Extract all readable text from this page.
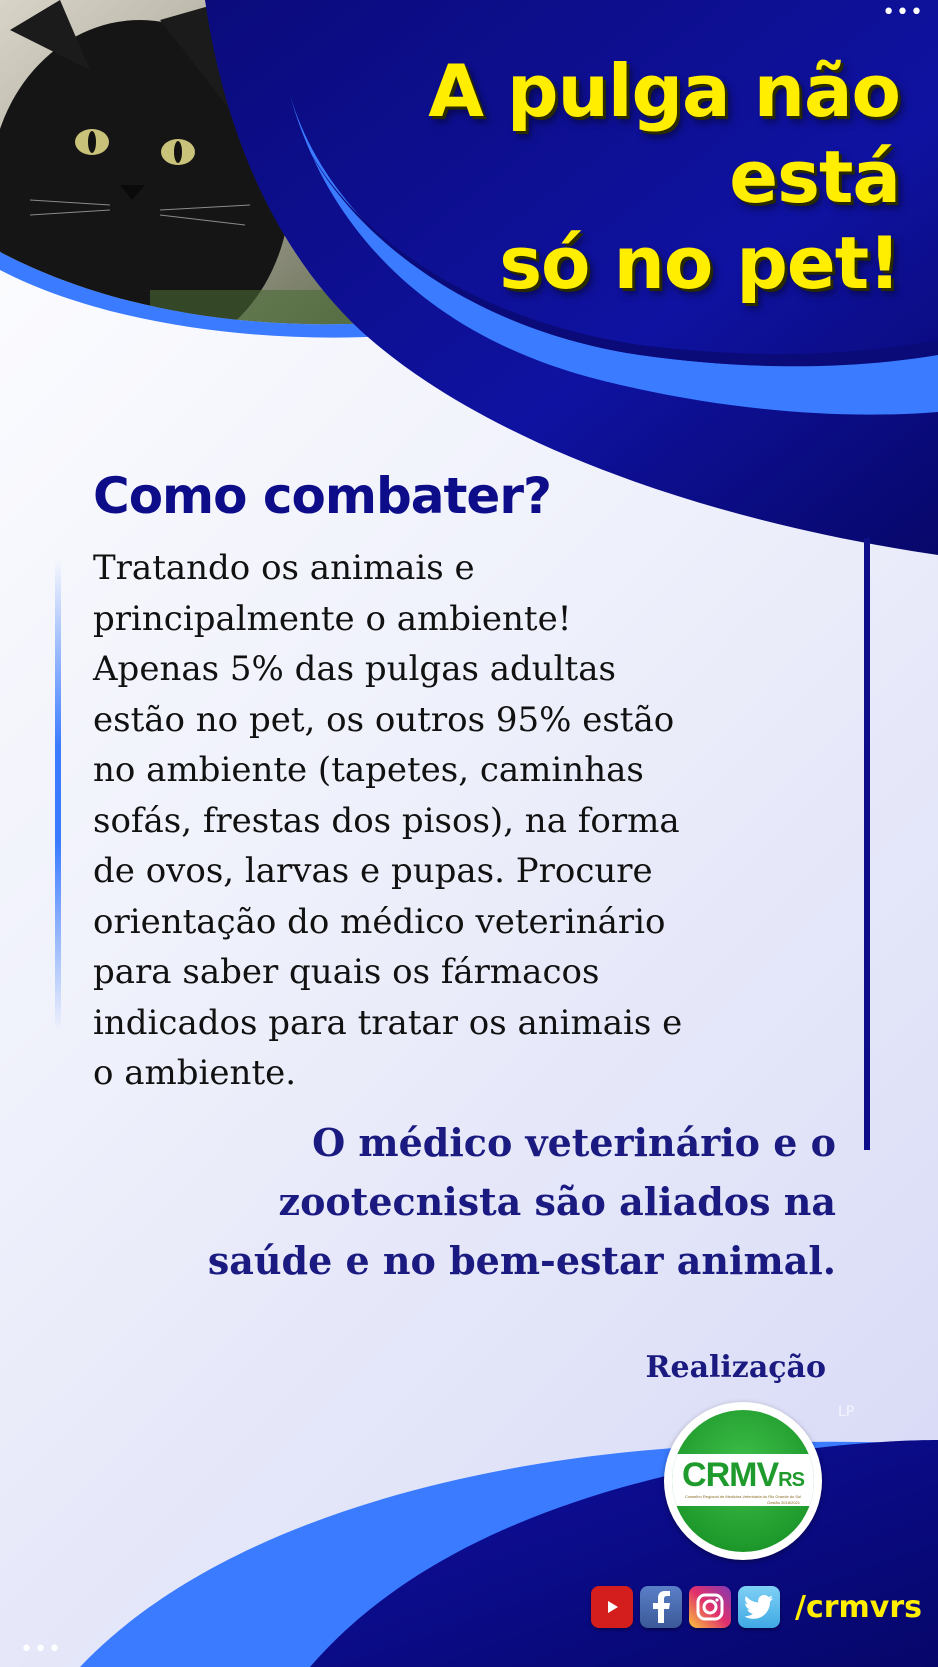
•••
A pulga não está
só no pet!
Como combater?
Tratando os animais e principalmente o ambiente! Apenas 5% das pulgas adultas estão no pet, os outros 95% estão no ambiente (tapetes, caminhas sofás, frestas dos pisos), na forma de ovos, larvas e pupas. Procure orientação do médico veterinário para saber quais os fármacos indicados para tratar os animais e o ambiente.
O médico veterinário e o zootecnista são aliados na saúde e no bem-estar animal.
Realização
LP
CRMVRS
Conselho Regional de Medicina Veterinária do Rio Grande do Sul
Gestão 2018/2021
/crmvrs
•••
